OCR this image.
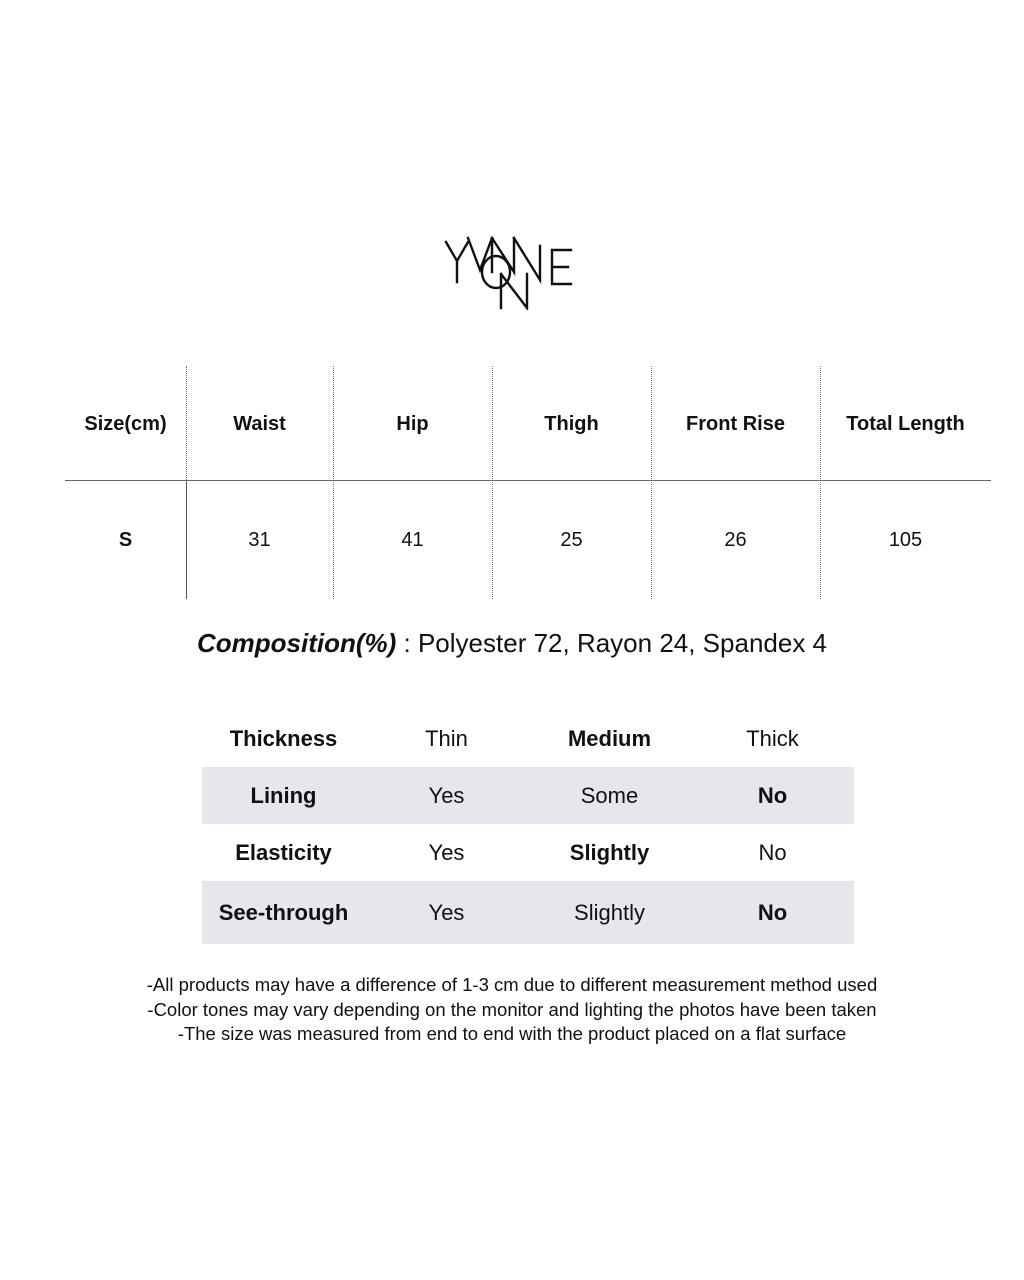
Size(cm)	Waist	Hip	Thigh	Front Rise	Total Length
S	31	41	25	26	105
Composition(%) : Polyester 72, Rayon 24, Spandex 4
Thickness	Thin	Medium	Thick
Lining	Yes	Some	No
Elasticity	Yes	Slightly	No
See-through	Yes	Slightly	No
-All products may have a difference of 1-3 cm due to different measurement method used
-Color tones may vary depending on the monitor and lighting the photos have been taken
-The size was measured from end to end with the product placed on a flat surface
